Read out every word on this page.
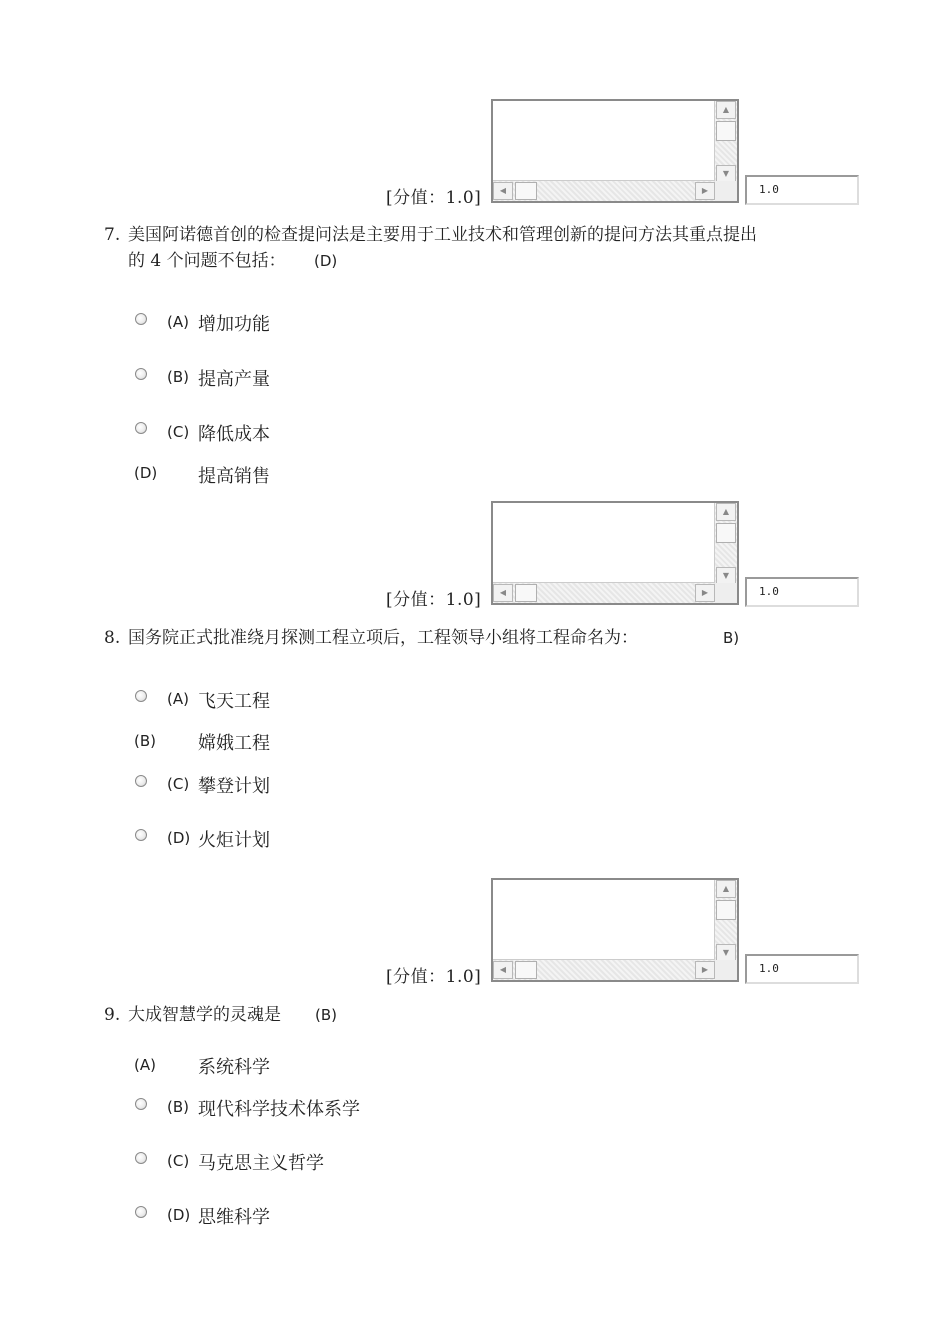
▲
▼
◀	▶
[分值：1.0]	1.0
7. 美国阿诺德首创的检查提问法是主要用于工业技术和管理创新的提问方法其重点提出
的 4 个问题不包括： (D)
(A) 增加功能
(B) 提高产量
(C) 降低成本
(D) 提高销售
▲
▼
◀	▶
[分值：1.0]	1.0
8. 国务院正式批准绕月探测工程立项后，工程领导小组将工程命名为：	B)
(A) 飞天工程
(B) 嫦娥工程
(C) 攀登计划
(D) 火炬计划
▲
▼
◀	▶
[分值：1.0]	1.0
9. 大成智慧学的灵魂是 (B)
(A) 系统科学
(B) 现代科学技术体系学
(C) 马克思主义哲学
(D) 思维科学
